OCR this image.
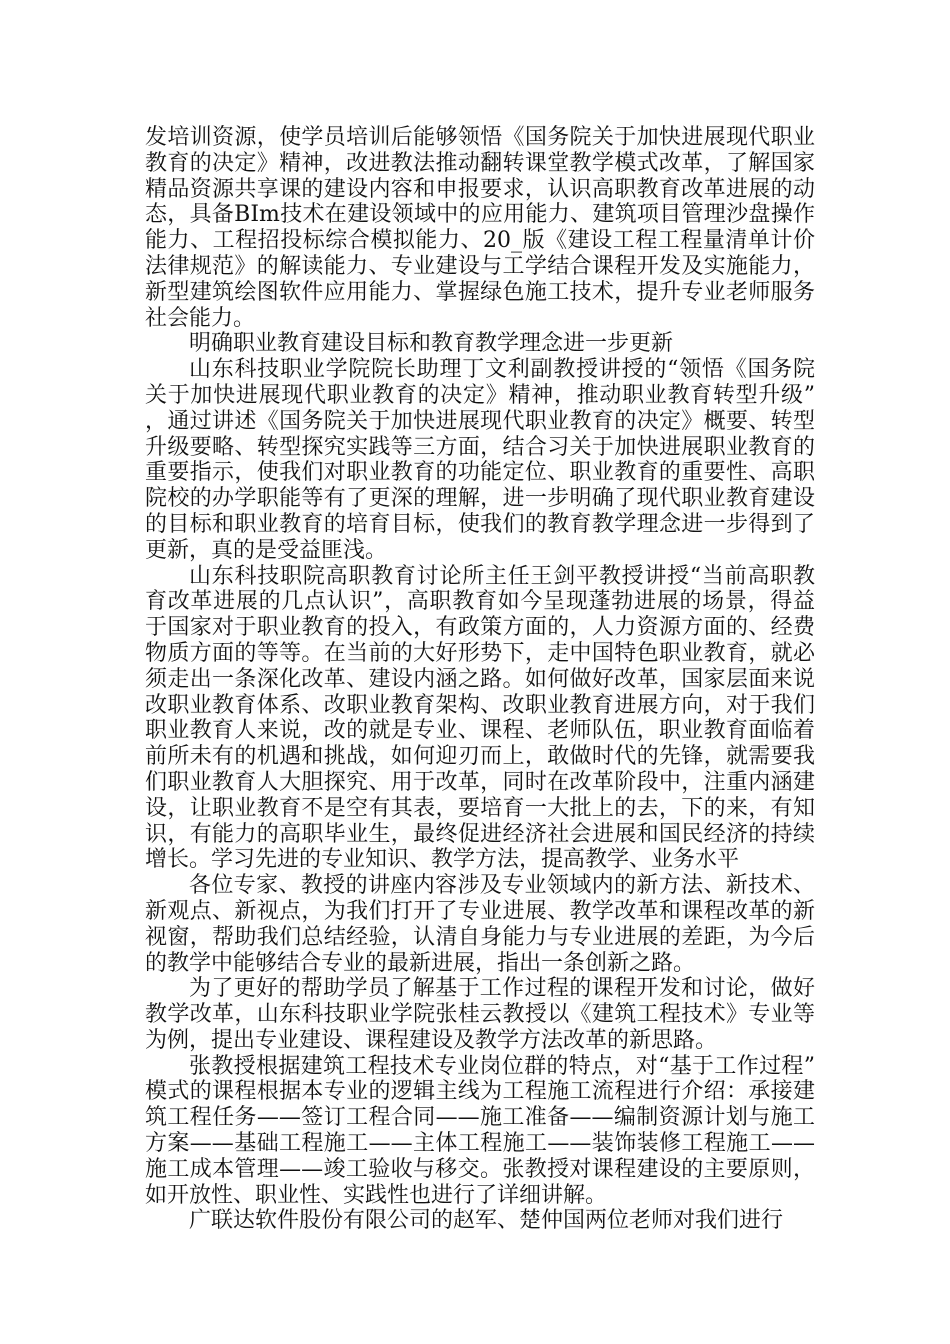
发培训资源，使学员培训后能够领悟《国务院关于加快进展现代职业教育的决定》精神，改进教法推动翻转课堂教学模式改革，了解国家精品资源共享课的建设内容和申报要求，认识高职教育改革进展的动态，具备BIm技术在建设领域中的应用能力、建筑项目管理沙盘操作能力、工程招投标综合模拟能力、20_版《建设工程工程量清单计价法律规范》的解读能力、专业建设与工学结合课程开发及实施能力，新型建筑绘图软件应用能力、掌握绿色施工技术，提升专业老师服务社会能力。

明确职业教育建设目标和教育教学理念进一步更新

山东科技职业学院院长助理丁文利副教授讲授的“领悟《国务院关于加快进展现代职业教育的决定》精神，推动职业教育转型升级”，通过讲述《国务院关于加快进展现代职业教育的决定》概要、转型升级要略、转型探究实践等三方面，结合习关于加快进展职业教育的重要指示，使我们对职业教育的功能定位、职业教育的重要性、高职院校的办学职能等有了更深的理解，进一步明确了现代职业教育建设的目标和职业教育的培育目标，使我们的教育教学理念进一步得到了更新，真的是受益匪浅。

山东科技职院高职教育讨论所主任王剑平教授讲授“当前高职教育改革进展的几点认识”，高职教育如今呈现蓬勃进展的场景，得益于国家对于职业教育的投入，有政策方面的，人力资源方面的、经费物质方面的等等。在当前的大好形势下，走中国特色职业教育，就必须走出一条深化改革、建设内涵之路。如何做好改革，国家层面来说改职业教育体系、改职业教育架构、改职业教育进展方向，对于我们职业教育人来说，改的就是专业、课程、老师队伍，职业教育面临着前所未有的机遇和挑战，如何迎刃而上，敢做时代的先锋，就需要我们职业教育人大胆探究、用于改革，同时在改革阶段中，注重内涵建设，让职业教育不是空有其表，要培育一大批上的去，下的来，有知识，有能力的高职毕业生，最终促进经济社会进展和国民经济的持续增长。学习先进的专业知识、教学方法，提高教学、业务水平

各位专家、教授的讲座内容涉及专业领域内的新方法、新技术、新观点、新视点，为我们打开了专业进展、教学改革和课程改革的新视窗，帮助我们总结经验，认清自身能力与专业进展的差距，为今后的教学中能够结合专业的最新进展，指出一条创新之路。

为了更好的帮助学员了解基于工作过程的课程开发和讨论，做好教学改革，山东科技职业学院张桂云教授以《建筑工程技术》专业等为例，提出专业建设、课程建设及教学方法改革的新思路。

张教授根据建筑工程技术专业岗位群的特点，对“基于工作过程”模式的课程根据本专业的逻辑主线为工程施工流程进行介绍：承接建筑工程任务——签订工程合同——施工准备——编制资源计划与施工方案——基础工程施工——主体工程施工——装饰装修工程施工——施工成本管理——竣工验收与移交。张教授对课程建设的主要原则，如开放性、职业性、实践性也进行了详细讲解。

广联达软件股份有限公司的赵军、楚仲国两位老师对我们进行
